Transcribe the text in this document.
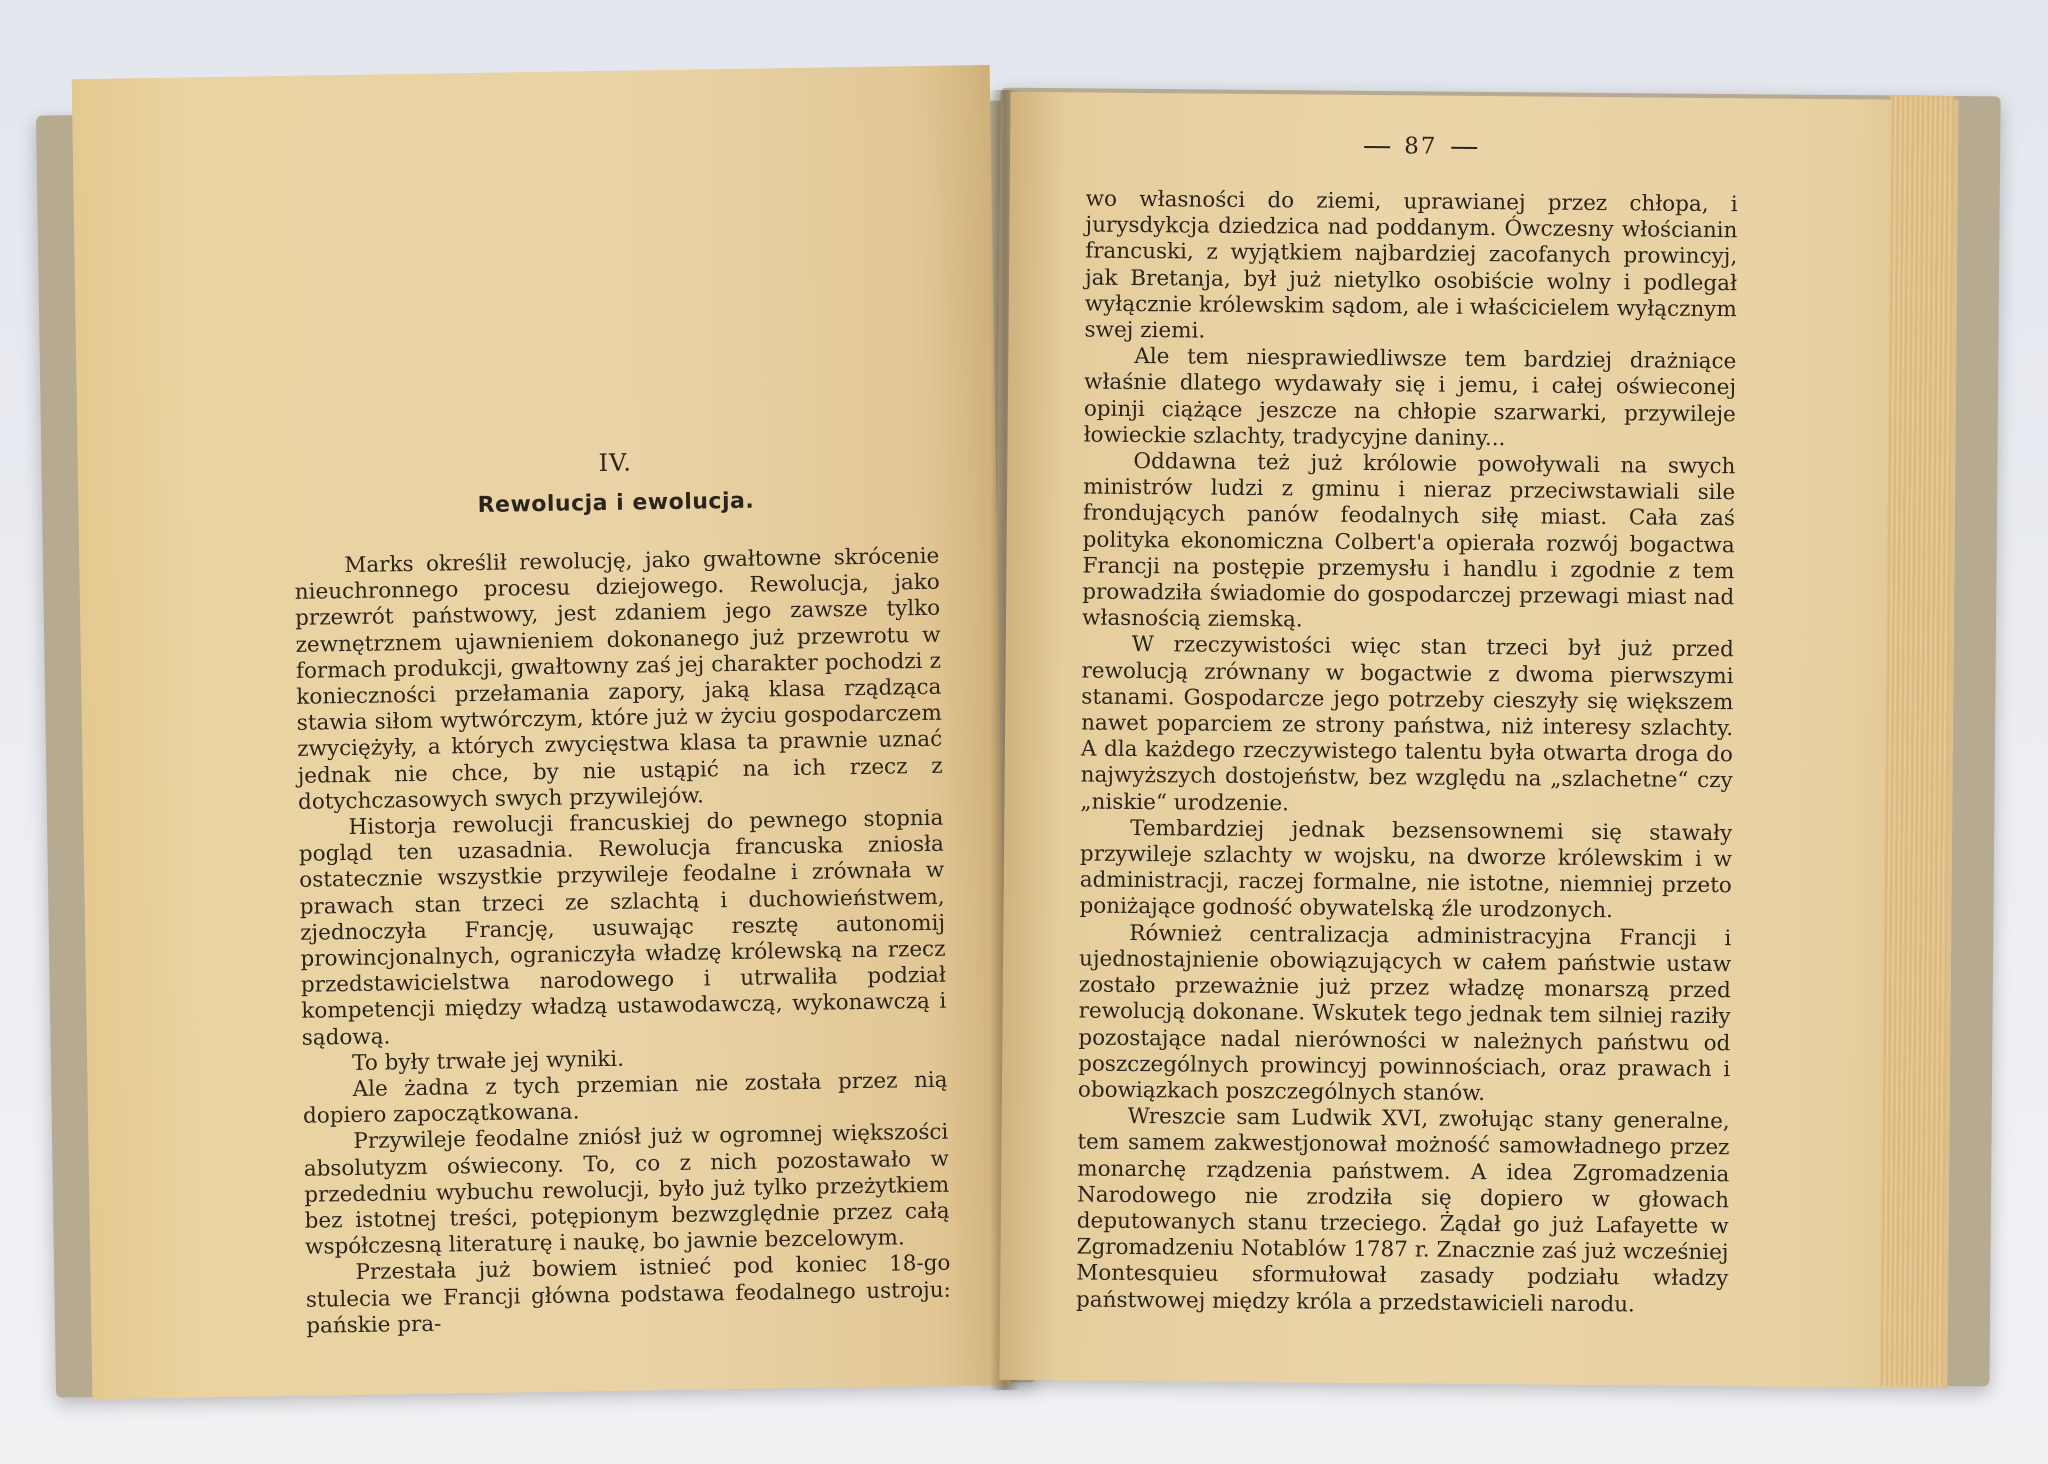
IV.
Rewolucja i ewolucja.

Marks określił rewolucję, jako gwałtowne skrócenie nieuchronnego procesu dziejowego. Rewolucja, jako przewrót państwowy, jest zdaniem jego zawsze tylko zewnętrznem ujawnieniem dokonanego już przewrotu w formach produkcji, gwałtowny zaś jej charakter pochodzi z konieczności przełamania zapory, jaką klasa rządząca stawia siłom wytwórczym, które już w życiu gospodarczem zwyciężyły, a których zwycięstwa klasa ta prawnie uznać jednak nie chce, by nie ustąpić na ich rzecz z dotychczasowych swych przywilejów.

Historja rewolucji francuskiej do pewnego stopnia pogląd ten uzasadnia. Rewolucja francuska zniosła ostatecznie wszystkie przywileje feodalne i zrównała w prawach stan trzeci ze szlachtą i duchowieństwem, zjednoczyła Francję, usuwając resztę autonomij prowincjonalnych, ograniczyła władzę królewską na rzecz przedstawicielstwa narodowego i utrwaliła podział kompetencji między władzą ustawodawczą, wykonawczą i sądową.

To były trwałe jej wyniki.

Ale żadna z tych przemian nie została przez nią dopiero zapoczątkowana.

Przywileje feodalne zniósł już w ogromnej większości absolutyzm oświecony. To, co z nich pozostawało w przededniu wybuchu rewolucji, było już tylko przeżytkiem bez istotnej treści, potępionym bezwzględnie przez całą współczesną literaturę i naukę, bo jawnie bezcelowym.

Przestała już bowiem istnieć pod koniec 18-go stulecia we Francji główna podstawa feodalnego ustroju: pańskie pra-

87

wo własności do ziemi, uprawianej przez chłopa, i jurysdykcja dziedzica nad poddanym. Ówczesny włościanin francuski, z wyjątkiem najbardziej zacofanych prowincyj, jak Bretanja, był już nietylko osobiście wolny i podlegał wyłącznie królewskim sądom, ale i właścicielem wyłącznym swej ziemi.

Ale tem niesprawiedliwsze tem bardziej drażniące właśnie dlatego wydawały się i jemu, i całej oświeconej opinji ciążące jeszcze na chłopie szarwarki, przywileje łowieckie szlachty, tradycyjne daniny...

Oddawna też już królowie powoływali na swych ministrów ludzi z gminu i nieraz przeciwstawiali sile frondujących panów feodalnych siłę miast. Cała zaś polityka ekonomiczna Colbert'a opierała rozwój bogactwa Francji na postępie przemysłu i handlu i zgodnie z tem prowadziła świadomie do gospodarczej przewagi miast nad własnością ziemską.

W rzeczywistości więc stan trzeci był już przed rewolucją zrównany w bogactwie z dwoma pierwszymi stanami. Gospodarcze jego potrzeby cieszyły się większem nawet poparciem ze strony państwa, niż interesy szlachty. A dla każdego rzeczywistego talentu była otwarta droga do najwyższych dostojeństw, bez względu na „szlachetne“ czy „niskie“ urodzenie.

Tembardziej jednak bezsensownemi się stawały przywileje szlachty w wojsku, na dworze królewskim i w administracji, raczej formalne, nie istotne, niemniej przeto poniżające godność obywatelską źle urodzonych.

Również centralizacja administracyjna Francji i ujednostajnienie obowiązujących w całem państwie ustaw zostało przeważnie już przez władzę monarszą przed rewolucją dokonane. Wskutek tego jednak tem silniej raziły pozostające nadal nierówności w należnych państwu od poszczególnych prowincyj powinnościach, oraz prawach i obowiązkach poszczególnych stanów.

Wreszcie sam Ludwik XVI, zwołując stany generalne, tem samem zakwestjonował możność samowładnego przez monarchę rządzenia państwem. A idea Zgromadzenia Narodowego nie zrodziła się dopiero w głowach deputowanych stanu trzeciego. Żądał go już Lafayette w Zgromadzeniu Notablów 1787 r. Znacznie zaś już wcześniej Montesquieu sformułował zasady podziału władzy państwowej między króla a przedstawicieli narodu.
